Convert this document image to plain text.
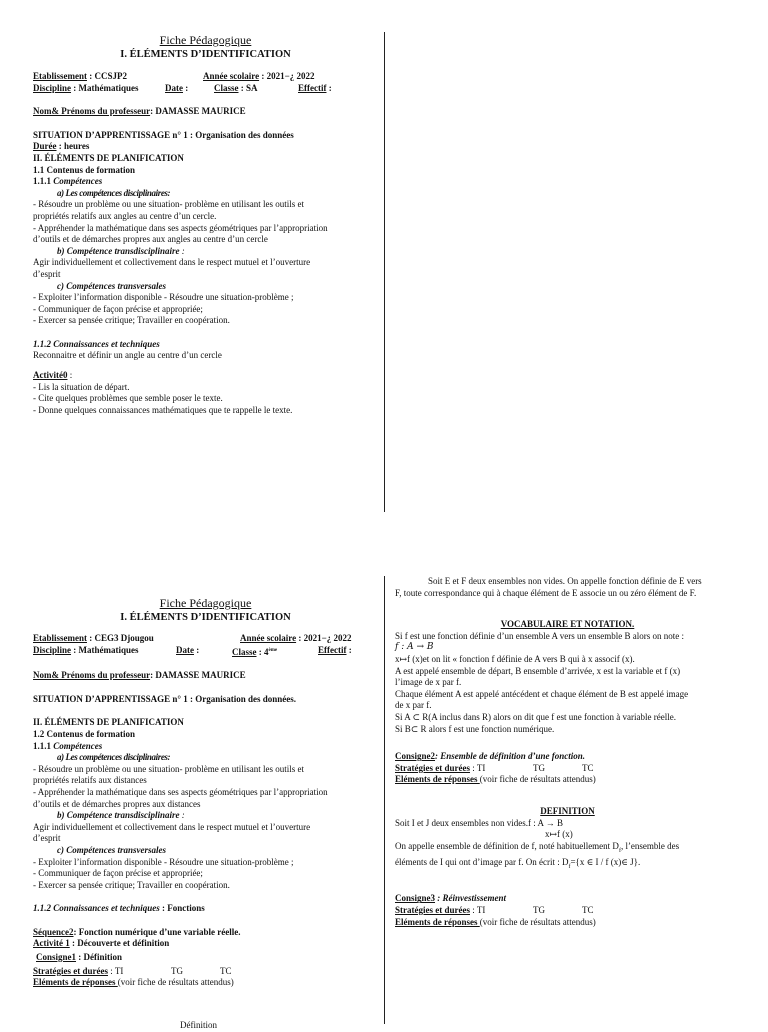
Fiche Pédagogique
I. ÉLÉMENTS D’IDENTIFICATION
Etablissement : CCSJP2	Année scolaire : 2021−¿ 2022
Discipline : Mathématiques	Date :	Classe : SA	Effectif :
Nom& Prénoms du professeur: DAMASSE MAURICE
SITUATION D’APPRENTISSAGE n° 1 : Organisation des données
Durée : heures
II. ÉLÉMENTS DE PLANIFICATION
1.1 Contenus de formation
1.1.1 Compétences
a) Les compétences disciplinaires:
- Résoudre un problème ou une situation- problème en utilisant les outils et
propriétés relatifs aux angles au centre d’un cercle.
- Appréhender la mathématique dans ses aspects géométriques par l’appropriation
d’outils et de démarches propres aux angles au centre d’un cercle
b) Compétence transdisciplinaire :
Agir individuellement et collectivement dans le respect mutuel et l’ouverture
d’esprit
c) Compétences transversales
- Exploiter l’information disponible - Résoudre une situation-problème ;
- Communiquer de façon précise et appropriée;
- Exercer sa pensée critique; Travailler en coopération.
1.1.2 Connaissances et techniques
Reconnaitre et définir un angle au centre d’un cercle
Activité0 :
- Lis la situation de départ.
- Cite quelques problèmes que semble poser le texte.
- Donne quelques connaissances mathématiques que te rappelle le texte.
Fiche Pédagogique
I. ÉLÉMENTS D’IDENTIFICATION
Etablissement : CEG3 Djougou	Année scolaire : 2021−¿ 2022
Discipline : Mathématiques	Date :	Classe : 4ème	Effectif :
Nom& Prénoms du professeur: DAMASSE MAURICE
SITUATION D’APPRENTISSAGE n° 1 : Organisation des données.
II. ÉLÉMENTS DE PLANIFICATION
1.2 Contenus de formation
1.1.1 Compétences
a) Les compétences disciplinaires:
- Résoudre un problème ou une situation- problème en utilisant les outils et
propriétés relatifs aux distances
- Appréhender la mathématique dans ses aspects géométriques par l’appropriation
d’outils et de démarches propres aux distances
b) Compétence transdisciplinaire :
Agir individuellement et collectivement dans le respect mutuel et l’ouverture
d’esprit
c) Compétences transversales
- Exploiter l’information disponible - Résoudre une situation-problème ;
- Communiquer de façon précise et appropriée;
- Exercer sa pensée critique; Travailler en coopération.
1.1.2 Connaissances et techniques : Fonctions
Séquence2: Fonction numérique d’une variable réelle.
Activité 1 : Découverte et définition
Consigne1 : Définition
Stratégies et durées : TI	TG	TC
Eléments de réponses (voir fiche de résultats attendus)
Définition
Soit E et F deux ensembles non vides. On appelle fonction définie de E vers
F, toute correspondance qui à chaque élément de E associe un ou zéro élément de F.
VOCABULAIRE ET NOTATION.
Si f est une fonction définie d’un ensemble A vers un ensemble B alors on note :
f : A → B
x↦f (x)et on lit « fonction f définie de A vers B qui à x associf (x).
A est appelé ensemble de départ, B ensemble d’arrivée, x est la variable et f (x)
l’image de x par f.
Chaque élément A est appelé antécédent et chaque élément de B est appelé image
de x par f.
Si A ⊂ R(A inclus dans R) alors on dit que f est une fonction à variable réelle.
Si B⊂ R alors f est une fonction numérique.
Consigne2: Ensemble de définition d’une fonction.
Stratégies et durées : TI	TG	TC
Eléments de réponses (voir fiche de résultats attendus)
DEFINITION
Soit I et J deux ensembles non vides.f : A → B
x↦f (x)
On appelle ensemble de définition de f, noté habituellement $D_f$, l’ensemble des
éléments de I qui ont d’image par f. On écrit : $D_f=\{x$ ∈ I / f (x)∈ J}.
Consigne3 : Réinvestissement
Stratégies et durées : TI	TG	TC
Eléments de réponses (voir fiche de résultats attendus)
